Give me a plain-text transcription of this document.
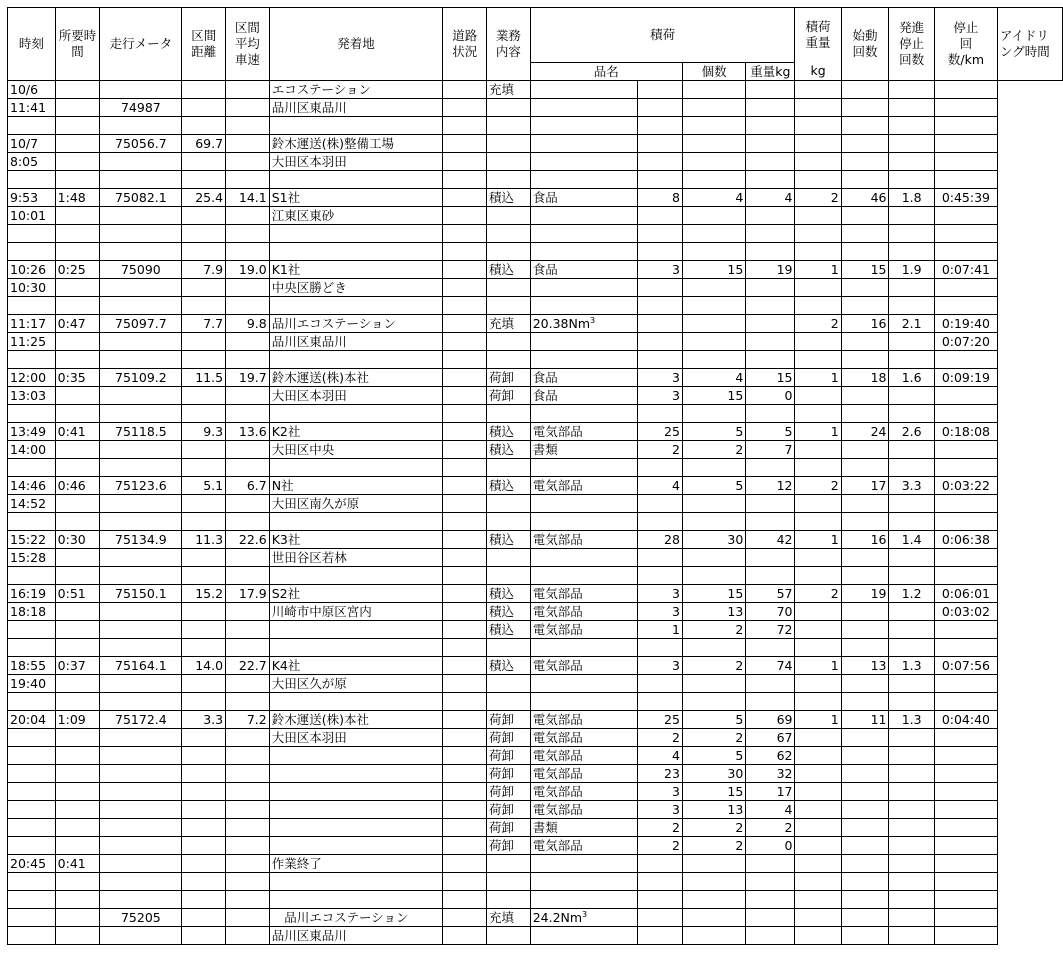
時刻	所要時間	走行メータ	区間距離	区間平均車速	発着地	道路状況	業務内容	積荷				積荷重量	始動回数	発進停止回数	停止回数/km	アイドリング時間

								品名		個数	重量kg	kg				
10/6					エコステーション		充填									
11:41		74987			品川区東品川											

10/7		75056.7	69.7		鈴木運送(株)整備工場											
8:05					大田区本羽田											

9:53	1:48	75082.1	25.4	14.1	S1社		積込	食品	8	4	4	2	46	1.8	0:45:39	
10:01					江東区東砂											

10:26	0:25	75090	7.9	19.0	K1社		積込	食品	3	15	19	1	15	1.9	0:07:41	
10:30					中央区勝どき											

11:17	0:47	75097.7	7.7	9.8	品川エコステーション		充填	20.38Nm$^3$				2	16	2.1	0:19:40	
11:25					品川区東品川										0:07:20	

12:00	0:35	75109.2	11.5	19.7	鈴木運送(株)本社		荷卸	食品	3	4	15	1	18	1.6	0:09:19	
13:03					大田区本羽田		荷卸	食品	3	15	0					

13:49	0:41	75118.5	9.3	13.6	K2社		積込	電気部品	25	5	5	1	24	2.6	0:18:08	
14:00					大田区中央		積込	書類	2	2	7					

14:46	0:46	75123.6	5.1	6.7	N社		積込	電気部品	4	5	12	2	17	3.3	0:03:22	
14:52					大田区南久が原											

15:22	0:30	75134.9	11.3	22.6	K3社		積込	電気部品	28	30	42	1	16	1.4	0:06:38	
15:28					世田谷区若林											

16:19	0:51	75150.1	15.2	17.9	S2社		積込	電気部品	3	15	57	2	19	1.2	0:06:01	
18:18					川崎市中原区宮内		積込	電気部品	3	13	70				0:03:02	
							積込	電気部品	1	2	72					

18:55	0:37	75164.1	14.0	22.7	K4社		積込	電気部品	3	2	74	1	13	1.3	0:07:56	
19:40					大田区久が原											

20:04	1:09	75172.4	3.3	7.2	鈴木運送(株)本社		荷卸	電気部品	25	5	69	1	11	1.3	0:04:40	
					大田区本羽田		荷卸	電気部品	2	2	67					
							荷卸	電気部品	4	5	62					
							荷卸	電気部品	23	30	32					
							荷卸	電気部品	3	15	17					
							荷卸	電気部品	3	13	4					
							荷卸	書類	2	2	2					
							荷卸	電気部品	2	2	0					
20:45	0:41				作業終了											

		75205			　品川エコステーション		充填	24.2Nm$^3$							
					品川区東品川											
